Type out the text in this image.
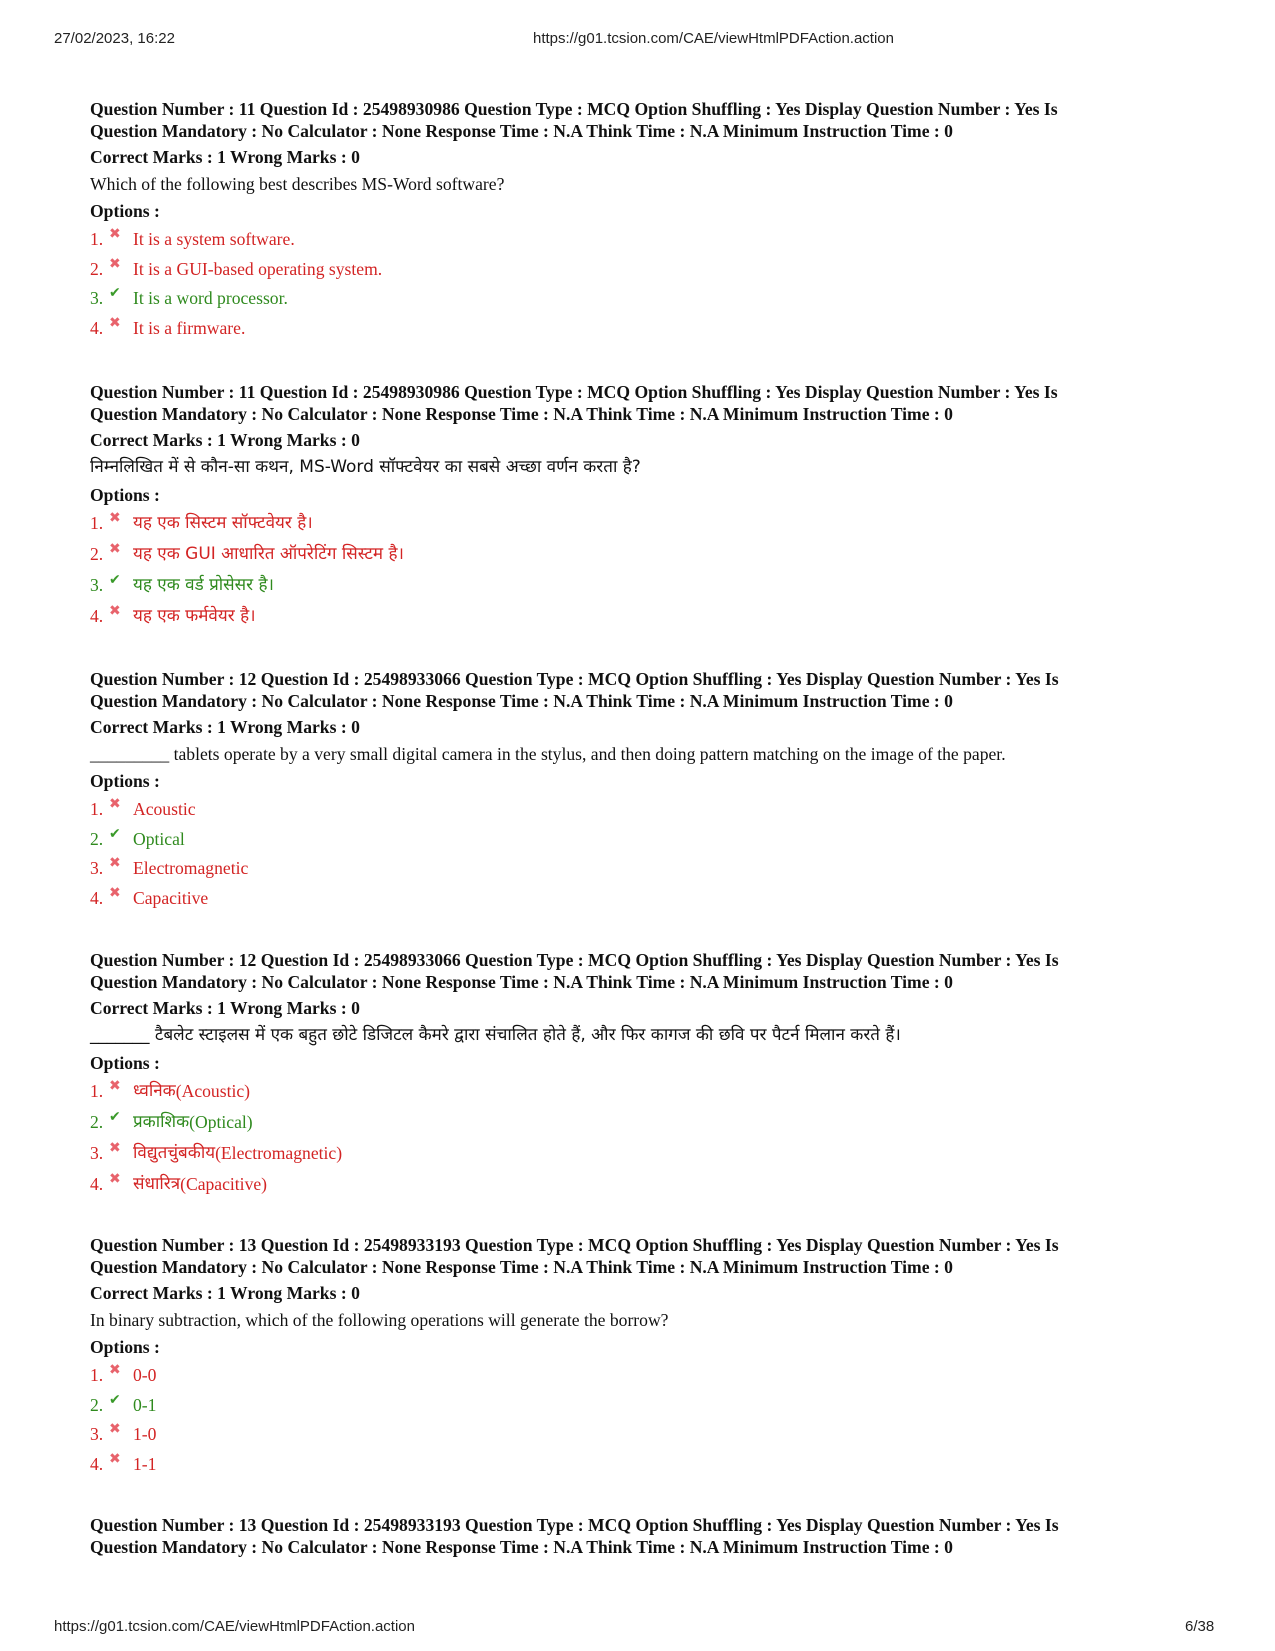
27/02/2023, 16:22	https://g01.tcsion.com/CAE/viewHtmlPDFAction.action
Question Number : 11 Question Id : 25498930986 Question Type : MCQ Option Shuffling : Yes Display Question Number : Yes Is
Question Mandatory : No Calculator : None Response Time : N.A Think Time : N.A Minimum Instruction Time : 0
Correct Marks : 1 Wrong Marks : 0
Which of the following best describes MS-Word software?
Options :
1. ✖ It is a system software.
2. ✖ It is a GUI-based operating system.
3. ✔ It is a word processor.
4. ✖ It is a firmware.
Question Number : 11 Question Id : 25498930986 Question Type : MCQ Option Shuffling : Yes Display Question Number : Yes Is
Question Mandatory : No Calculator : None Response Time : N.A Think Time : N.A Minimum Instruction Time : 0
Correct Marks : 1 Wrong Marks : 0
निम्नलिखित में से कौन-सा कथन, MS-Word सॉफ्टवेयर का सबसे अच्छा वर्णन करता है?
Options :
1. ✖ यह एक सिस्टम सॉफ्टवेयर है।
2. ✖ यह एक GUI आधारित ऑपरेटिंग सिस्टम है।
3. ✔ यह एक वर्ड प्रोसेसर है।
4. ✖ यह एक फर्मवेयर है।
Question Number : 12 Question Id : 25498933066 Question Type : MCQ Option Shuffling : Yes Display Question Number : Yes Is
Question Mandatory : No Calculator : None Response Time : N.A Think Time : N.A Minimum Instruction Time : 0
Correct Marks : 1 Wrong Marks : 0
_________ tablets operate by a very small digital camera in the stylus, and then doing pattern matching on the image of the paper.
Options :
1. ✖ Acoustic
2. ✔ Optical
3. ✖ Electromagnetic
4. ✖ Capacitive
Question Number : 12 Question Id : 25498933066 Question Type : MCQ Option Shuffling : Yes Display Question Number : Yes Is
Question Mandatory : No Calculator : None Response Time : N.A Think Time : N.A Minimum Instruction Time : 0
Correct Marks : 1 Wrong Marks : 0
_______ टैबलेट स्टाइलस में एक बहुत छोटे डिजिटल कैमरे द्वारा संचालित होते हैं, और फिर कागज की छवि पर पैटर्न मिलान करते हैं।
Options :
1. ✖ ध्वनिक (Acoustic)
2. ✔ प्रकाशिक (Optical)
3. ✖ विद्युतचुंबकीय (Electromagnetic)
4. ✖ संधारित्र (Capacitive)
Question Number : 13 Question Id : 25498933193 Question Type : MCQ Option Shuffling : Yes Display Question Number : Yes Is
Question Mandatory : No Calculator : None Response Time : N.A Think Time : N.A Minimum Instruction Time : 0
Correct Marks : 1 Wrong Marks : 0
In binary subtraction, which of the following operations will generate the borrow?
Options :
1. ✖ 0-0
2. ✔ 0-1
3. ✖ 1-0
4. ✖ 1-1
Question Number : 13 Question Id : 25498933193 Question Type : MCQ Option Shuffling : Yes Display Question Number : Yes Is
Question Mandatory : No Calculator : None Response Time : N.A Think Time : N.A Minimum Instruction Time : 0
https://g01.tcsion.com/CAE/viewHtmlPDFAction.action	6/38
